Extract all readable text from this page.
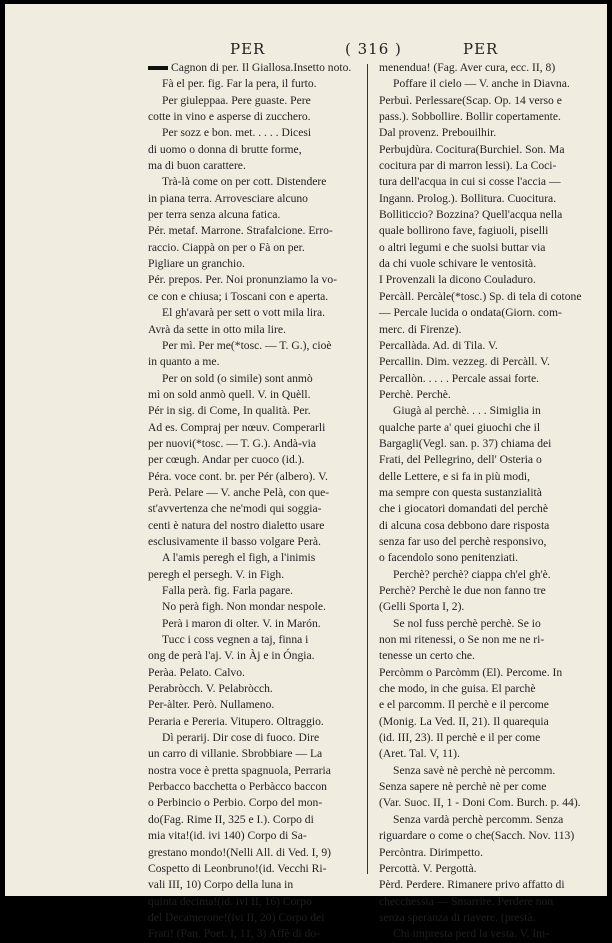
PER	( 316 )	PER
Cagnon di per. Il Giallosa.Insetto noto.
Fà el per. fig. Far la pera, il furto.
Per giuleppaa. Pere guaste. Pere
cotte in vino e asperse di zucchero.
Per sozz e bon. met. . . . . Dicesi
di uomo o donna di brutte forme,
ma di buon carattere.
Trà-là come on per cott. Distendere
in piana terra. Arrovesciare alcuno
per terra senza alcuna fatica.
Pér. metaf. Marrone. Strafalcione. Erro-
raccio. Ciappà on per o Fà on per.
Pigliare un granchio.
Pér. prepos. Per. Noi pronunziamo la vo-
ce con e chiusa; i Toscani con e aperta.
El gh'avarà per sett o vott mila lira.
Avrà da sette in otto mila lire.
Per mì. Per me(*tosc. — T. G.), cioè
in quanto a me.
Per on sold (o simile) sont anmò
mì on sold anmò quell. V. in Quèll.
Pér in sig. di Come, In qualità. Per.
Ad es. Compraj per nœuv. Comperarli
per nuovi(*tosc. — T. G.). Andà-via
per cœugh. Andar per cuoco (id.).
Péra. voce cont. br. per Pér (albero). V.
Perà. Pelare — V. anche Pelà, con que-
st'avvertenza che ne'modi qui soggia-
centi è natura del nostro dialetto usare
esclusivamente il basso volgare Perà.
A l'amis peregh el figh, a l'inimis
peregh el persegh. V. in Figh.
Falla perà. fig. Farla pagare.
No perà figh. Non mondar nespole.
Perà i maron di olter. V. in Marón.
Tucc i coss vegnen a taj, finna i
ong de perà l'aj. V. in Àj e in Óngia.
Peràa. Pelato. Calvo.
Perabròcch. V. Pelabròcch.
Per-àlter. Però. Nullameno.
Peraria e Pereria. Vitupero. Oltraggio.
Dì perarij. Dir cose di fuoco. Dire
un carro di villanie. Sbrobbiare — La
nostra voce è pretta spagnuola, Perraria
Perbacco bacchetta o Perbàcco baccon
o Perbincio o Perbio. Corpo del mon-
do(Fag. Rime II, 325 e I.). Corpo di
mia vita!(id. ivi 140) Corpo di Sa-
grestano mondo!(Nelli All. di Ved. I, 9)
Cospetto di Leonbruno!(id. Vecchi Ri-
vali III, 10) Corpo della luna in
quinta decima!(id. ivi II, 16) Corpo
del Decamerone!(ivi II, 20) Corpo dei
Frati! (Pan. Poet. I, 11, 3) Affè di do-
menendua! (Fag. Aver cura, ecc. II, 8)
Poffare il cielo — V. anche in Diavna.
Perbuì. Perlessare(Scap. Op. 14 verso e
pass.). Sobbollire. Bollir copertamente.
Dal provenz. Prebouilhir.
Perbujdùra. Cocitura(Burchiel. Son. Ma
cocitura par di marron lessi). La Coci-
tura dell'acqua in cui si cosse l'accia —
Ingann. Prolog.). Bollitura. Cuocitura.
Bolliticcio? Bozzina? Quell'acqua nella
quale bollirono fave, fagiuoli, piselli
o altri legumi e che suolsi buttar via
da chi vuole schivare le ventosità.
I Provenzali la dicono Couladuro.
Percàll. Percàle(*tosc.) Sp. di tela di cotone
— Percale lucida o ondata(Giorn. com-
merc. di Firenze).
Percallàda. Ad. di Tila. V.
Percallin. Dim. vezzeg. di Percàll. V.
Percallòn. . . . . Percale assai forte.
Perchè. Perchè.
Giugà al perchè. . . . Simiglia in
qualche parte a' quei giuochi che il
Bargagli(Vegl. san. p. 37) chiama dei
Frati, del Pellegrino, dell' Osteria o
delle Lettere, e si fa in più modi,
ma sempre con questa sustanzialità
che i giocatori domandati del perchè
di alcuna cosa debbono dare risposta
senza far uso del perchè responsivo,
o facendolo sono penitenziati.
Perchè? perchè? ciappa ch'el gh'è.
Perchè? Perchè le due non fanno tre
(Gelli Sporta I, 2).
Se nol fuss perchè perchè. Se io
non mi ritenessi, o Se non me ne ri-
tenesse un certo che.
Percòmm o Parcòmm (El). Percome. In
che modo, in che guisa. El parchè
e el parcomm. Il perchè e il percome
(Monig. La Ved. II, 21). Il quarequia
(id. III, 23). Il perchè e il per come
(Aret. Tal. V, 11).
Senza savè nè perchè nè percomm.
Senza sapere nè perchè nè per come
(Var. Suoc. II, 1 - Doni Com. Burch. p. 44).
Senza vardà perchè percomm. Senza
riguardare o come o che(Sacch. Nov. 113)
Percòntra. Dirimpetto.
Percottà. V. Pergottà.
Pèrd. Perdere. Rimanere privo affatto di
checchessia — Smarrire. Perdere non
senza speranza di riavere. (prestà.
Chi impresta perd la vesta. V. Im-
